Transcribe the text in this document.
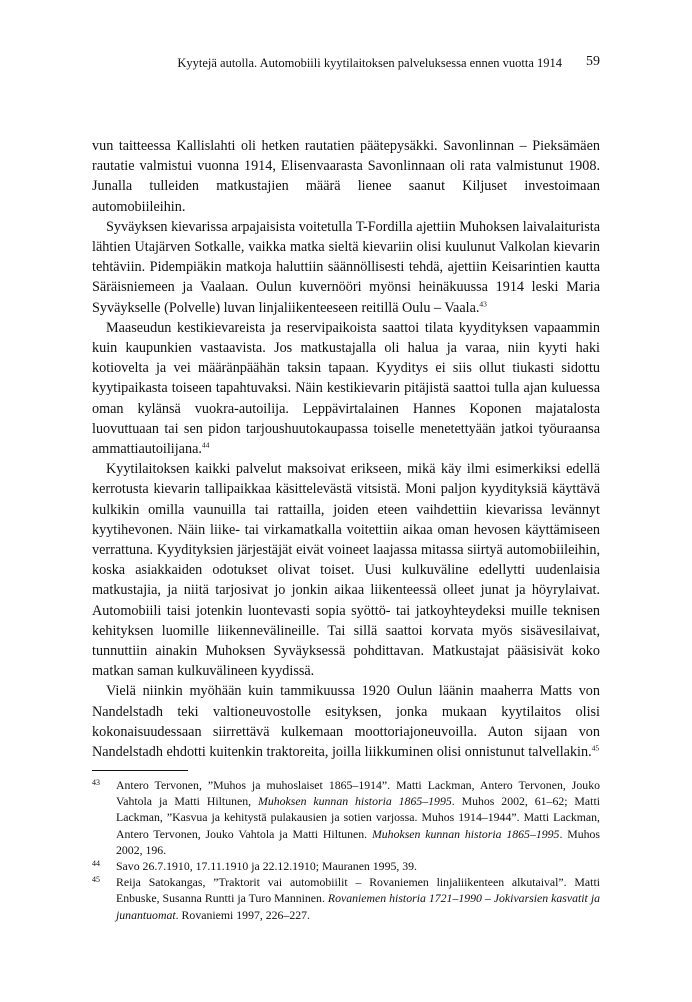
Kyytejä autolla. Automobiili kyytilaitoksen palveluksessa ennen vuotta 1914 59

vun taitteessa Kallislahti oli hetken rautatien päätepysäkki. Savonlinnan – Pieksämäen rautatie valmistui vuonna 1914, Elisenvaarasta Savonlinnaan oli rata valmistunut 1908. Junalla tulleiden matkustajien määrä lienee saanut Kiljuset investoimaan automobiileihin.

Syväyksen kievarissa arpajaisista voitetulla T-Fordilla ajettiin Muhoksen laivalaiturista lähtien Utajärven Sotkalle, vaikka matka sieltä kievariin olisi kuulunut Valkolan kievarin tehtäviin. Pidempiäkin matkoja haluttiin säännöllisesti tehdä, ajettiin Keisarintien kautta Säräisniemeen ja Vaalaan. Oulun kuvernööri myönsi heinäkuussa 1914 leski Maria Syväykselle (Polvelle) luvan linjaliikenteeseen reitillä Oulu – Vaala.$^{43}$

Maaseudun kestikievareista ja reservipaikoista saattoi tilata kyydityksen vapaammin kuin kaupunkien vastaavista. Jos matkustajalla oli halua ja varaa, niin kyyti haki kotiovelta ja vei määränpäähän taksin tapaan. Kyyditys ei siis ollut tiukasti sidottu kyytipaikasta toiseen tapahtuvaksi. Näin kestikievarin pitäjistä saattoi tulla ajan kuluessa oman kylänsä vuokra-autoilija. Leppävirtalainen Hannes Koponen majatalosta luovuttuaan tai sen pidon tarjoushuutokaupassa toiselle menetettyään jatkoi työuraansa ammattiautoilijana.$^{44}$

Kyytilaitoksen kaikki palvelut maksoivat erikseen, mikä käy ilmi esimerkiksi edellä kerrotusta kievarin tallipaikkaa käsittelevästä vitsistä. Moni paljon kyydityksiä käyttävä kulkikin omilla vaunuilla tai rattailla, joiden eteen vaihdettiin kievarissa levännyt kyytihevonen. Näin liike- tai virkamatkalla voitettiin aikaa oman hevosen käyttämiseen verrattuna. Kyydityksien järjestäjät eivät voineet laajassa mitassa siirtyä automobiileihin, koska asiakkaiden odotukset olivat toiset. Uusi kulkuväline edellytti uudenlaisia matkustajia, ja niitä tarjosivat jo jonkin aikaa liikenteessä olleet junat ja höyrylaivat. Automobiili taisi jotenkin luontevasti sopia syöttö- tai jatkoyhteydeksi muille teknisen kehityksen luomille liikennevälineille. Tai sillä saattoi korvata myös sisävesilaivat, tunnuttiin ainakin Muhoksen Syväyksessä pohdittavan. Matkustajat pääsisivät koko matkan saman kulkuvälineen kyydissä.

Vielä niinkin myöhään kuin tammikuussa 1920 Oulun läänin maaherra Matts von Nandelstadh teki valtioneuvostolle esityksen, jonka mukaan kyytilaitos olisi kokonaisuudessaan siirrettävä kulkemaan moottoriajoneuvoilla. Auton sijaan von Nandelstadh ehdotti kuitenkin traktoreita, joilla liikkuminen olisi onnistunut talvellakin.$^{45}$

43 Antero Tervonen, ”Muhos ja muhoslaiset 1865–1914”. Matti Lackman, Antero Tervonen, Jouko Vahtola ja Matti Hiltunen, Muhoksen kunnan historia 1865–1995. Muhos 2002, 61–62; Matti Lackman, ”Kasvua ja kehitystä pulakausien ja sotien varjossa. Muhos 1914–1944”. Matti Lackman, Antero Tervonen, Jouko Vahtola ja Matti Hiltunen. Muhoksen kunnan historia 1865–1995. Muhos 2002, 196.

44 Savo 26.7.1910, 17.11.1910 ja 22.12.1910; Mauranen 1995, 39.

45 Reija Satokangas, ”Traktorit vai automobiilit – Rovaniemen linjaliikenteen alkutaival”. Matti Enbuske, Susanna Runtti ja Turo Manninen. Rovaniemen historia 1721–1990 – Jokivarsien kasvatit ja junantuomat. Rovaniemi 1997, 226–227.
